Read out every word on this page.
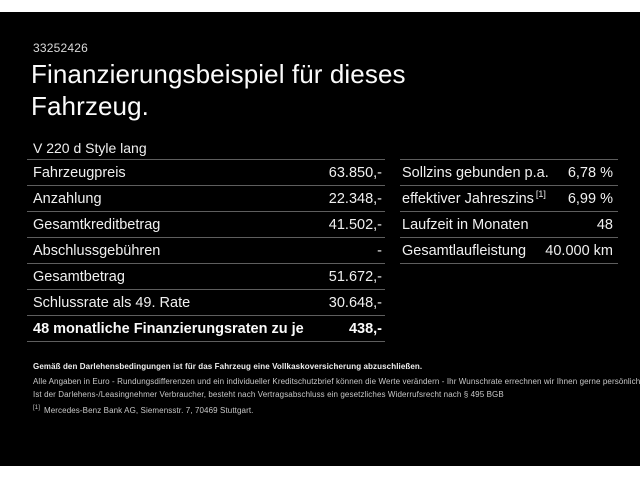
33252426
Finanzierungsbeispiel für dieses
Fahrzeug.
V 220 d Style lang
Fahrzeugpreis	63.850,-
Anzahlung	22.348,-
Gesamtkreditbetrag	41.502,-
Abschlussgebühren	-
Gesamtbetrag	51.672,-
Schlussrate als 49. Rate	30.648,-
48 monatliche Finanzierungsraten zu je	438,-
Sollzins gebunden p.a. 6,78 %
effektiver Jahreszins [1] 6,99 %
Laufzeit in Monaten	48
Gesamtlaufleistung 40.000 km
Gemäß den Darlehensbedingungen ist für das Fahrzeug eine Vollkaskoversicherung abzuschließen.
Alle Angaben in Euro - Rundungsdifferenzen und ein individueller Kreditschutzbrief können die Werte verändern - Ihr Wunschrate errechnen wir Ihnen gerne persönlich
Ist der Darlehens-/Leasingnehmer Verbraucher, besteht nach Vertragsabschluss ein gesetzliches Widerrufsrecht nach § 495 BGB
[1] Mercedes-Benz Bank AG, Siemensstr. 7, 70469 Stuttgart.
